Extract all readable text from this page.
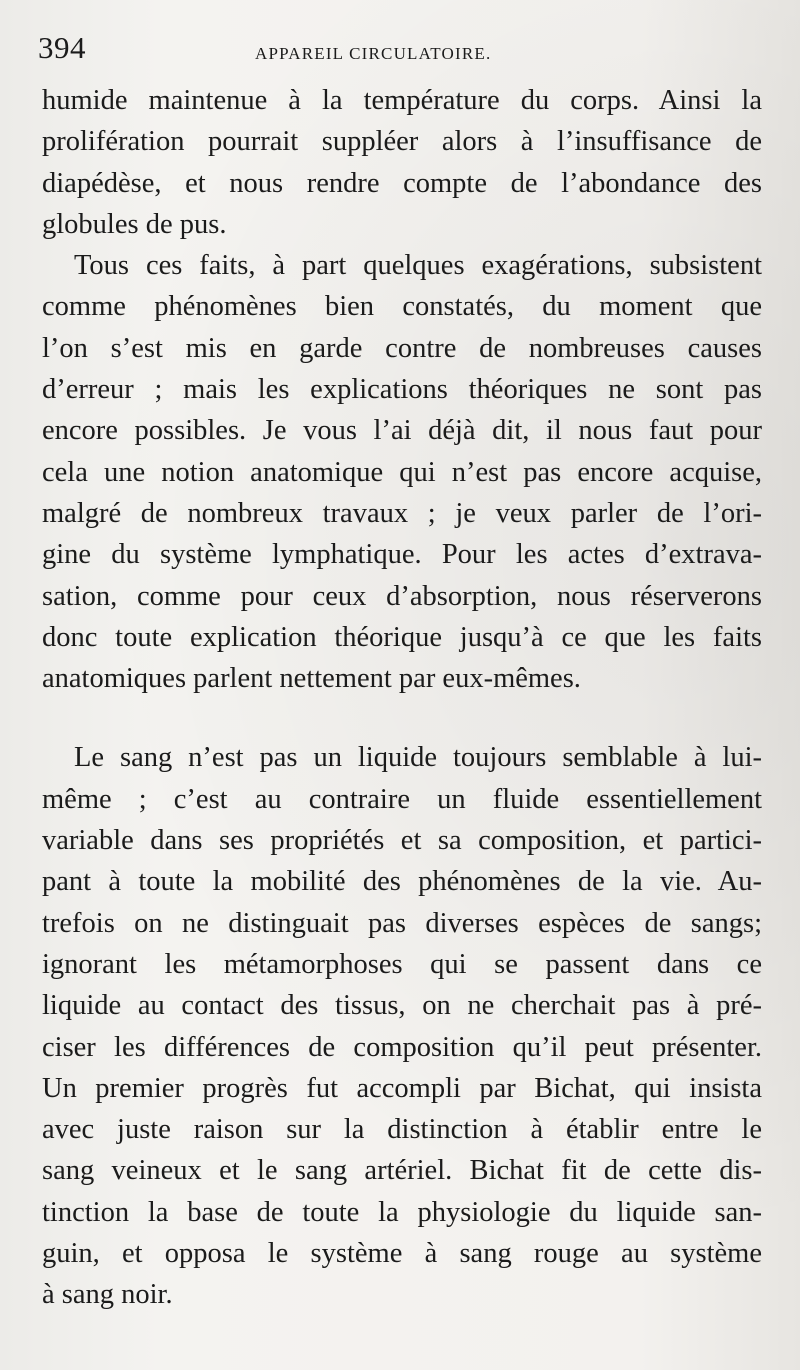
394	APPAREIL CIRCULATOIRE.
humide maintenue à la température du corps. Ainsi la
prolifération pourrait suppléer alors à l’insuffisance de
diapédèse, et nous rendre compte de l’abondance des
globules de pus.
Tous ces faits, à part quelques exagérations, subsistent
comme phénomènes bien constatés, du moment que
l’on s’est mis en garde contre de nombreuses causes
d’erreur ; mais les explications théoriques ne sont pas
encore possibles. Je vous l’ai déjà dit, il nous faut pour
cela une notion anatomique qui n’est pas encore acquise,
malgré de nombreux travaux ; je veux parler de l’ori-
gine du système lymphatique. Pour les actes d’extrava-
sation, comme pour ceux d’absorption, nous réserverons
donc toute explication théorique jusqu’à ce que les faits
anatomiques parlent nettement par eux-mêmes.
Le sang n’est pas un liquide toujours semblable à lui-
même ; c’est au contraire un fluide essentiellement
variable dans ses propriétés et sa composition, et partici-
pant à toute la mobilité des phénomènes de la vie. Au-
trefois on ne distinguait pas diverses espèces de sangs;
ignorant les métamorphoses qui se passent dans ce
liquide au contact des tissus, on ne cherchait pas à pré-
ciser les différences de composition qu’il peut présenter.
Un premier progrès fut accompli par Bichat, qui insista
avec juste raison sur la distinction à établir entre le
sang veineux et le sang artériel. Bichat fit de cette dis-
tinction la base de toute la physiologie du liquide san-
guin, et opposa le système à sang rouge au système
à sang noir.
